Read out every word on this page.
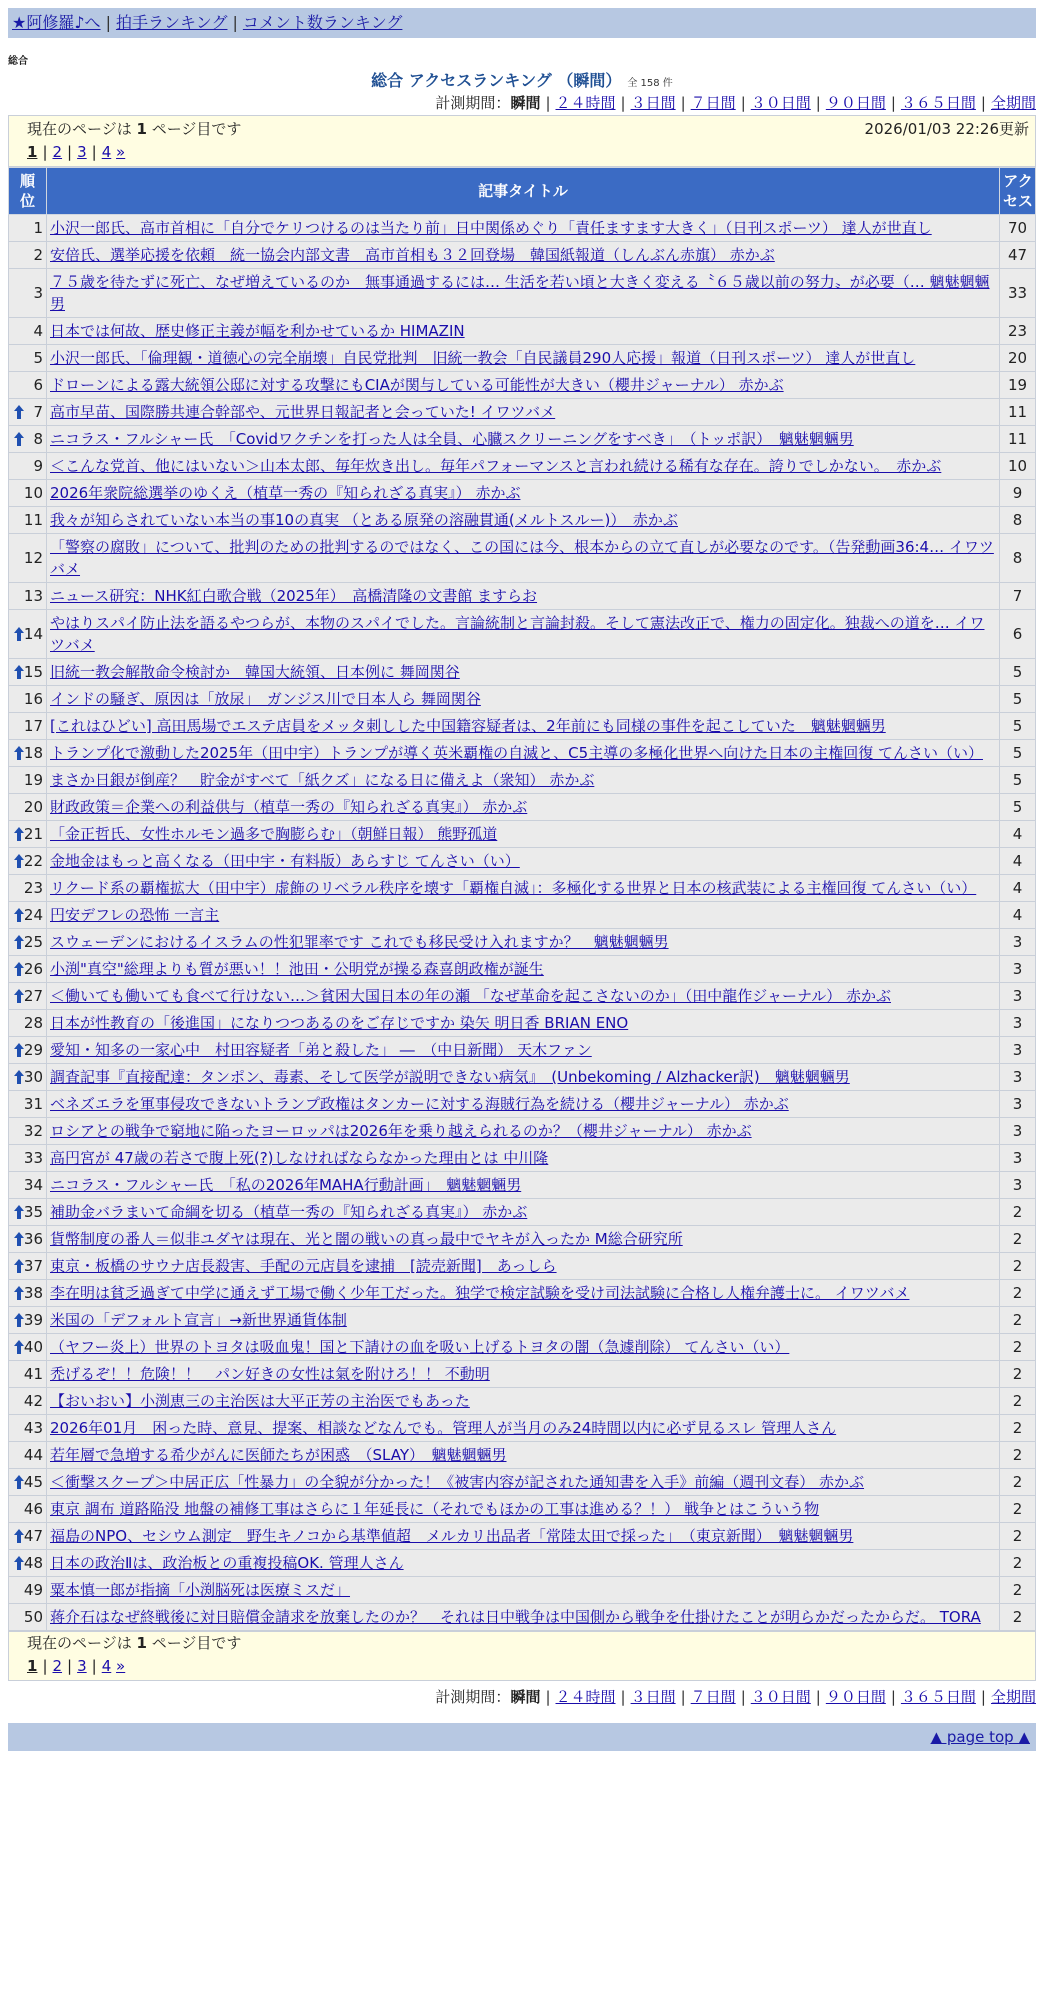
★阿修羅♪へ | 拍手ランキング | コメント数ランキング
総合
総合 アクセスランキング （瞬間） 全 158 件
計測期間：瞬間 | ２４時間 | ３日間 | ７日間 | ３０日間 | ９０日間 | ３６５日間 | 全期間
現在のページは 1 ページ目です	2026/01/03 22:26更新
1 | 2 | 3 | 4 »
順位	記事タイトル	アクセス

1	小沢一郎氏、高市首相に「自分でケリつけるのは当たり前」日中関係めぐり「責任ますます大きく」（日刊スポーツ） 達人が世直し	70
2	安倍氏、選挙応援を依頼　統一協会内部文書　高市首相も３２回登場　韓国紙報道（しんぶん赤旗） 赤かぶ	47
3	７５歳を待たずに死亡、なぜ増えているのか　無事通過するには… 生活を若い頃と大きく変える〝６５歳以前の努力〟が必要（… 魑魅魍魎男	33
4	日本では何故、歴史修正主義が幅を利かせているか HIMAZIN	23
5	小沢一郎氏、「倫理観・道徳心の完全崩壊」自民党批判　旧統一教会「自民議員290人応援」報道（日刊スポーツ） 達人が世直し	20
6	ドローンによる露大統領公邸に対する攻撃にもCIAが関与している可能性が大きい（櫻井ジャーナル） 赤かぶ	19

7	高市早苗、国際勝共連合幹部や、元世界日報記者と会っていた! イワツバメ	11

8	ニコラス・フルシャー氏　「Covidワクチンを打った人は全員、心臓スクリーニングをすべき」　（トッポ訳）　魑魅魍魎男	11
9	＜こんな党首、他にはいない＞山本太郎、毎年炊き出し。毎年パフォーマンスと言われ続ける稀有な存在。誇りでしかない。　赤かぶ	10
10	2026年衆院総選挙のゆくえ（植草一秀の『知られざる真実』） 赤かぶ	9
11	我々が知らされていない本当の事10の真実 （とある原発の溶融貫通(メルトスルー)）　赤かぶ	8
12	「警察の腐敗」について、批判のための批判するのではなく、この国には今、根本からの立て直しが必要なのです。（告発動画36:4… イワツバメ	8
13	ニュース研究：NHK紅白歌合戦（2025年）　高橋清隆の文書館 ますらお	7

14	やはりスパイ防止法を語るやつらが、本物のスパイでした。言論統制と言論封殺。そして憲法改正で、権力の固定化。独裁への道を… イワツバメ	6

15	旧統一教会解散命令検討か　韓国大統領、日本例に 舞岡関谷	5
16	インドの騒ぎ、原因は「放尿」　ガンジス川で日本人ら 舞岡関谷	5
17	[これはひどい] 高田馬場でエステ店員をメッタ刺しした中国籍容疑者は、2年前にも同様の事件を起こしていた　魑魅魍魎男	5

18	トランプ化で激動した2025年（田中宇）トランプが導く英米覇権の自滅と、C5主導の多極化世界へ向けた日本の主権回復 てんさい（い）	5
19	まさか日銀が倒産？　貯金がすべて「紙クズ」になる日に備えよ（衆知） 赤かぶ	5
20	財政政策＝企業への利益供与（植草一秀の『知られざる真実』） 赤かぶ	5

21	「金正哲氏、女性ホルモン過多で胸膨らむ」（朝鮮日報） 熊野孤道	4

22	金地金はもっと高くなる（田中宇・有料版）あらすじ てんさい（い）	4
23	リクード系の覇権拡大（田中宇）虚飾のリベラル秩序を壊す「覇権自滅」：多極化する世界と日本の核武装による主権回復 てんさい（い）	4

24	円安デフレの恐怖 一言主	4

25	スウェーデンにおけるイスラムの性犯罪率です これでも移民受け入れますか？　魑魅魍魎男	3

26	小渕"真空"総理よりも質が悪い！！池田・公明党が操る森喜朗政権が誕生	3

27	＜働いても働いても食べて行けない…＞貧困大国日本の年の瀬 「なぜ革命を起こさないのか」（田中龍作ジャーナル） 赤かぶ	3
28	日本が性教育の「後進国」になりつつあるのをご存じですか 染矢 明日香 BRIAN ENO	3

29	愛知・知多の一家心中　村田容疑者「弟と殺した」 ―　（中日新聞） 天木ファン	3

30	調査記事『直接配達：タンポン、毒素、そして医学が説明できない病気』　(Unbekoming / Alzhacker訳)　魑魅魍魎男	3
31	ベネズエラを軍事侵攻できないトランプ政権はタンカーに対する海賊行為を続ける（櫻井ジャーナル） 赤かぶ	3
32	ロシアとの戦争で窮地に陥ったヨーロッパは2026年を乗り越えられるのか？（櫻井ジャーナル） 赤かぶ	3
33	高円宮が 47歳の若さで腹上死(?)しなければならなかった理由とは 中川隆	3
34	ニコラス・フルシャー氏　「私の2026年MAHA行動計画」　魑魅魍魎男	3

35	補助金バラまいて命綱を切る（植草一秀の『知られざる真実』） 赤かぶ	2

36	貨幣制度の番人＝似非ユダヤは現在、光と闇の戦いの真っ最中でヤキが入ったか M総合研究所	2

37	東京・板橋のサウナ店長殺害、手配の元店員を逮捕　[読売新聞]　あっしら	2

38	李在明は貧乏過ぎて中学に通えず工場で働く少年工だった。独学で検定試験を受け司法試験に合格し人権弁護士に。 イワツバメ	2

39	米国の「デフォルト宣言」→新世界通貨体制	2

40	（ヤフー炎上）世界のトヨタは吸血鬼！国と下請けの血を吸い上げるトヨタの闇（急遽削除） てんさい（い）	2
41	禿げるぞ！！危険！！　パン好きの女性は氣を附けろ！！ 不動明	2
42	【おいおい】小渕恵三の主治医は大平正芳の主治医でもあった	2
43	2026年01月　困った時、意見、提案、相談などなんでも。管理人が当月のみ24時間以内に必ず見るスレ 管理人さん	2
44	若年層で急増する希少がんに医師たちが困惑　（SLAY）　魑魅魍魎男	2

45	＜衝撃スクープ＞中居正広「性暴力」の全貌が分かった！《被害内容が記された通知書を入手》前編（週刊文春） 赤かぶ	2
46	東京 調布 道路陥没 地盤の補修工事はさらに１年延長に（それでもほかの工事は進める？！） 戦争とはこういう物	2

47	福島のNPO、セシウム測定　野生キノコから基準値超　メルカリ出品者「常陸太田で採った」　（東京新聞）　魑魅魍魎男	2

48	日本の政治Ⅱは、政治板との重複投稿OK. 管理人さん	2
49	粟本慎一郎が指摘「小渕脳死は医療ミスだ」	2
50	蒋介石はなぜ終戦後に対日賠償金請求を放棄したのか？　それは日中戦争は中国側から戦争を仕掛けたことが明らかだったからだ。 TORA	2
現在のページは 1 ページ目です
1 | 2 | 3 | 4 »
計測期間：瞬間 | ２４時間 | ３日間 | ７日間 | ３０日間 | ９０日間 | ３６５日間 | 全期間
▲ page top ▲
